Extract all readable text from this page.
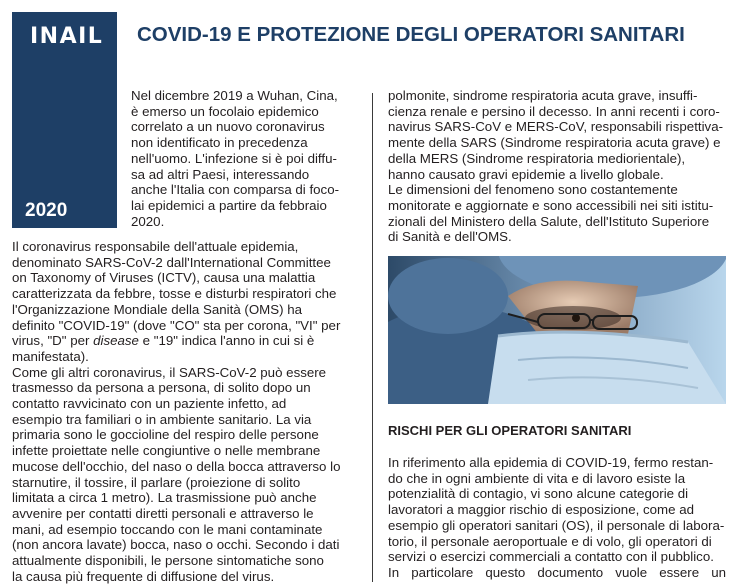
INAIL
2020
COVID-19 E PROTEZIONE DEGLI OPERATORI SANITARI

Nel dicembre 2019 a Wuhan, Cina,

è emerso un focolaio epidemico

correlato a un nuovo coronavirus

non identificato in precedenza

nell'uomo. L'infezione si è poi diffu-

sa ad altri Paesi, interessando

anche l'Italia con comparsa di foco-

lai epidemici a partire da febbraio

2020.

Il coronavirus responsabile dell'attuale epidemia,

denominato SARS-CoV-2 dall'International Committee

on Taxonomy of Viruses (ICTV), causa una malattia

caratterizzata da febbre, tosse e disturbi respiratori che

l'Organizzazione Mondiale della Sanità (OMS) ha

definito "COVID-19" (dove "CO" sta per corona, "VI" per

virus, "D" per disease e "19" indica l'anno in cui si è

manifestata).

Come gli altri coronavirus, il SARS-CoV-2 può essere

trasmesso da persona a persona, di solito dopo un

contatto ravvicinato con un paziente infetto, ad

esempio tra familiari o in ambiente sanitario. La via

primaria sono le goccioline del respiro delle persone

infette proiettate nelle congiuntive o nelle membrane

mucose dell'occhio, del naso o della bocca attraverso lo

starnutire, il tossire, il parlare (proiezione di solito

limitata a circa 1 metro). La trasmissione può anche

avvenire per contatti diretti personali e attraverso le

mani, ad esempio toccando con le mani contaminate

(non ancora lavate) bocca, naso o occhi. Secondo i dati

attualmente disponibili, le persone sintomatiche sono

la causa più frequente di diffusione del virus.

polmonite, sindrome respiratoria acuta grave, insuffi-

cienza renale e persino il decesso. In anni recenti i coro-

navirus SARS-CoV e MERS-CoV, responsabili rispettiva-

mente della SARS (Sindrome respiratoria acuta grave) e

della MERS (Sindrome respiratoria mediorientale),

hanno causato gravi epidemie a livello globale.

Le dimensioni del fenomeno sono costantemente

monitorate e aggiornate e sono accessibili nei siti istitu-

zionali del Ministero della Salute, dell'Istituto Superiore

di Sanità e dell'OMS.

RISCHI PER GLI OPERATORI SANITARI

In riferimento alla epidemia di COVID-19, fermo restan-

do che in ogni ambiente di vita e di lavoro esiste la

potenzialità di contagio, vi sono alcune categorie di

lavoratori a maggior rischio di esposizione, come ad

esempio gli operatori sanitari (OS), il personale di labora-

torio, il personale aeroportuale e di volo, gli operatori di

servizi o esercizi commerciali a contatto con il pubblico.

In particolare questo documento vuole essere un
